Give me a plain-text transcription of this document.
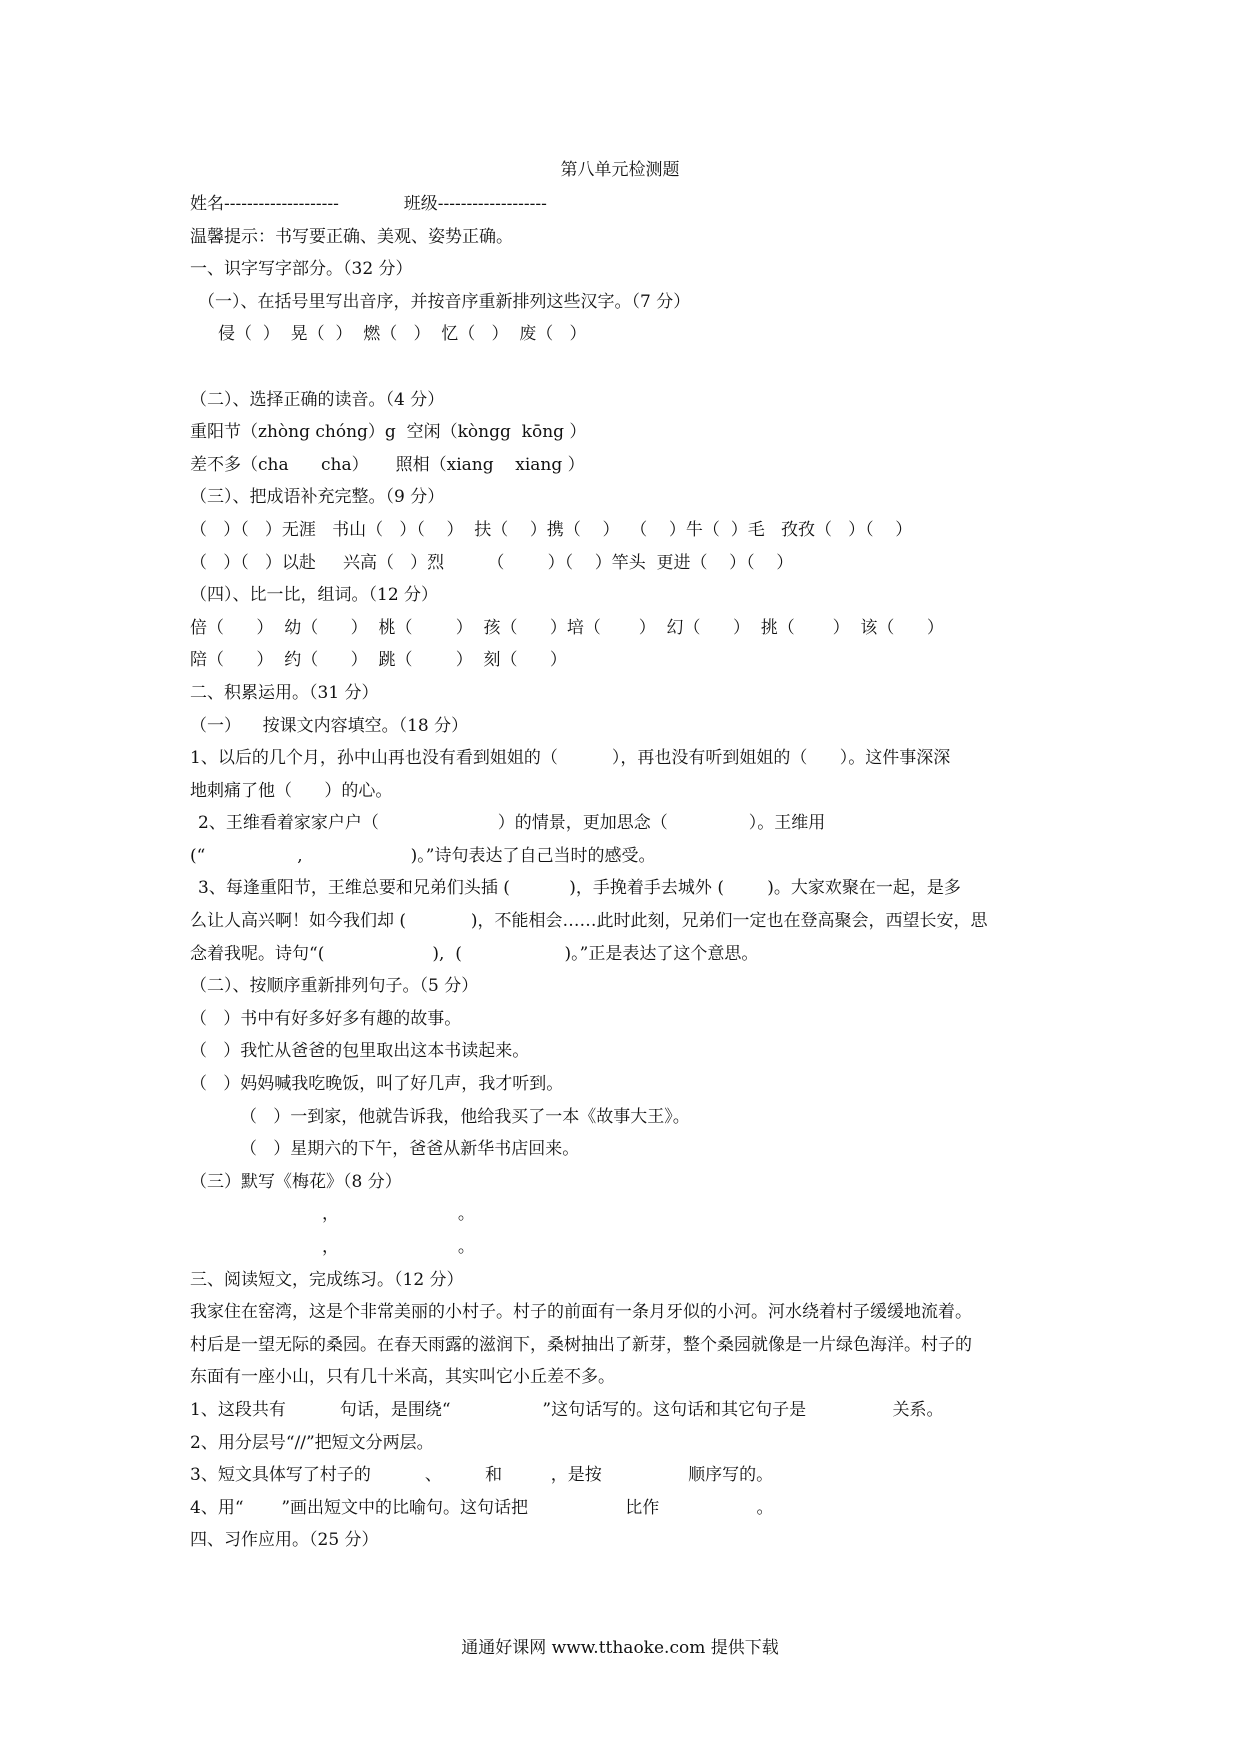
第八单元检测题
姓名--------------------            班级-------------------
温馨提示：书写要正确、美观、姿势正确。
一、识字写字部分。（32 分）
（一）、在括号里写出音序，并按音序重新排列这些汉字。（7 分）
侵（  ）  晃（  ）  燃（   ）  忆（   ）  废（   ）
（二）、选择正确的读音。（4 分）
重阳节（zhòng chóng）g  空闲（kòngg  kōng ）
差不多（cha      cha）     照相（xiang    xiang ）
（三）、把成语补充完整。（9 分）
（   ）（   ）无涯   书山（   ）（    ）  扶（    ）携（    ）  （    ）牛（  ）毛   孜孜（   ）（    ）
（   ）（   ）以赴     兴高（   ）烈        （        ）（    ）竿头  更进（    ）（    ）
（四）、比一比，组词。（12 分）
倍（      ）  幼（      ）  桃（        ）  孩（      ）培（       ）  幻（      ）  挑（       ）  该（      ）
陪（      ）  约（      ）  跳（        ）  刻（      ）
二、积累运用。（31 分）
（一）    按课文内容填空。（18 分）
1、以后的几个月，孙中山再也没有看到姐姐的（          ），再也没有听到姐姐的（      ）。这件事深深
地刺痛了他（      ）的心。
2、王维看着家家户户（                      ）的情景，更加思念（               ）。王维用
(“                 ,                    )。”诗句表达了自己当时的感受。
3、每逢重阳节，王维总要和兄弟们头插 (           )，手挽着手去城外 (        )。大家欢聚在一起，是多
么让人高兴啊！如今我们却 (            )，不能相会……此时此刻，兄弟们一定也在登高聚会，西望长安，思
念着我呢。诗句“(                    ),  (                   )。”正是表达了这个意思。
（二）、按顺序重新排列句子。（5 分）
（   ）书中有好多好多有趣的故事。
（   ）我忙从爸爸的包里取出这本书读起来。
（   ）妈妈喊我吃晚饭，叫了好几声，我才听到。
（   ）一到家，他就告诉我，他给我买了一本《故事大王》。
（   ）星期六的下午，爸爸从新华书店回来。
（三）默写《梅花》（8 分）
，                      。
，                      。
三、阅读短文，完成练习。（12 分）
我家住在窑湾，这是个非常美丽的小村子。村子的前面有一条月牙似的小河。河水绕着村子缓缓地流着。
村后是一望无际的桑园。在春天雨露的滋润下，桑树抽出了新芽，整个桑园就像是一片绿色海洋。村子的
东面有一座小山，只有几十米高，其实叫它小丘差不多。
1、这段共有          句话，是围绕“                 ”这句话写的。这句话和其它句子是                关系。
2、用分层号“//”把短文分两层。
3、短文具体写了村子的          、        和         ，是按                顺序写的。
4、用“       ”画出短文中的比喻句。这句话把                  比作                  。
四、习作应用。（25 分）
通通好课网 www.tthaoke.com 提供下载
